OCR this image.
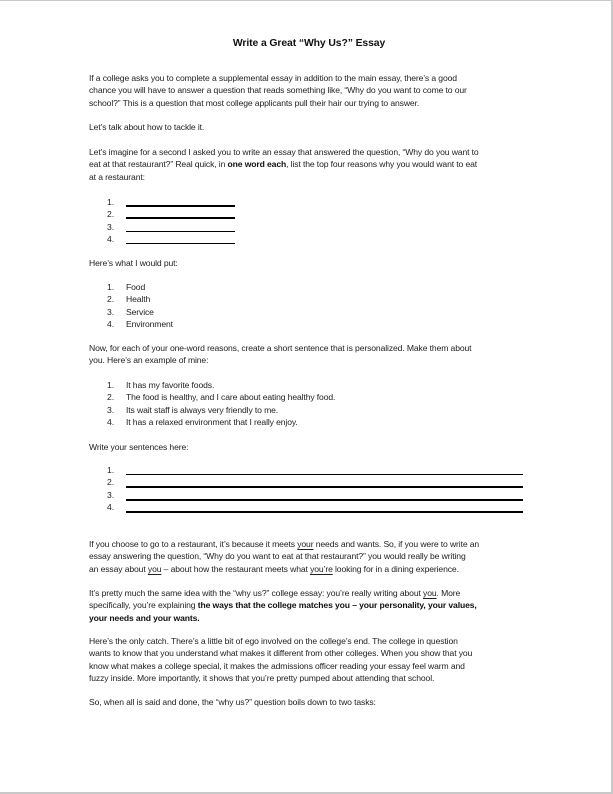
Write a Great “Why Us?” Essay
If a college asks you to complete a supplemental essay in addition to the main essay, there’s a good
chance you will have to answer a question that reads something like, “Why do you want to come to our
school?” This is a question that most college applicants pull their hair our trying to answer.
Let’s talk about how to tackle it.
Let’s imagine for a second I asked you to write an essay that answered the question, “Why do you want to
eat at that restaurant?” Real quick, in one word each, list the top four reasons why you would want to eat
at a restaurant:
1.
2.
3.
4.
Here’s what I would put:
1. Food
2. Health
3. Service
4. Environment
Now, for each of your one-word reasons, create a short sentence that is personalized. Make them about
you. Here’s an example of mine:
1. It has my favorite foods.
2. The food is healthy, and I care about eating healthy food.
3. Its wait staff is always very friendly to me.
4. It has a relaxed environment that I really enjoy.
Write your sentences here:
1.
2.
3.
4.
If you choose to go to a restaurant, it’s because it meets your needs and wants. So, if you were to write an
essay answering the question, “Why do you want to eat at that restaurant?” you would really be writing
an essay about you – about how the restaurant meets what you’re looking for in a dining experience.
It’s pretty much the same idea with the “why us?” college essay: you’re really writing about you. More
specifically, you’re explaining the ways that the college matches you – your personality, your values,
your needs and your wants.
Here’s the only catch. There’s a little bit of ego involved on the college’s end. The college in question
wants to know that you understand what makes it different from other colleges. When you show that you
know what makes a college special, it makes the admissions officer reading your essay feel warm and
fuzzy inside. More importantly, it shows that you’re pretty pumped about attending that school.
So, when all is said and done, the “why us?” question boils down to two tasks:
